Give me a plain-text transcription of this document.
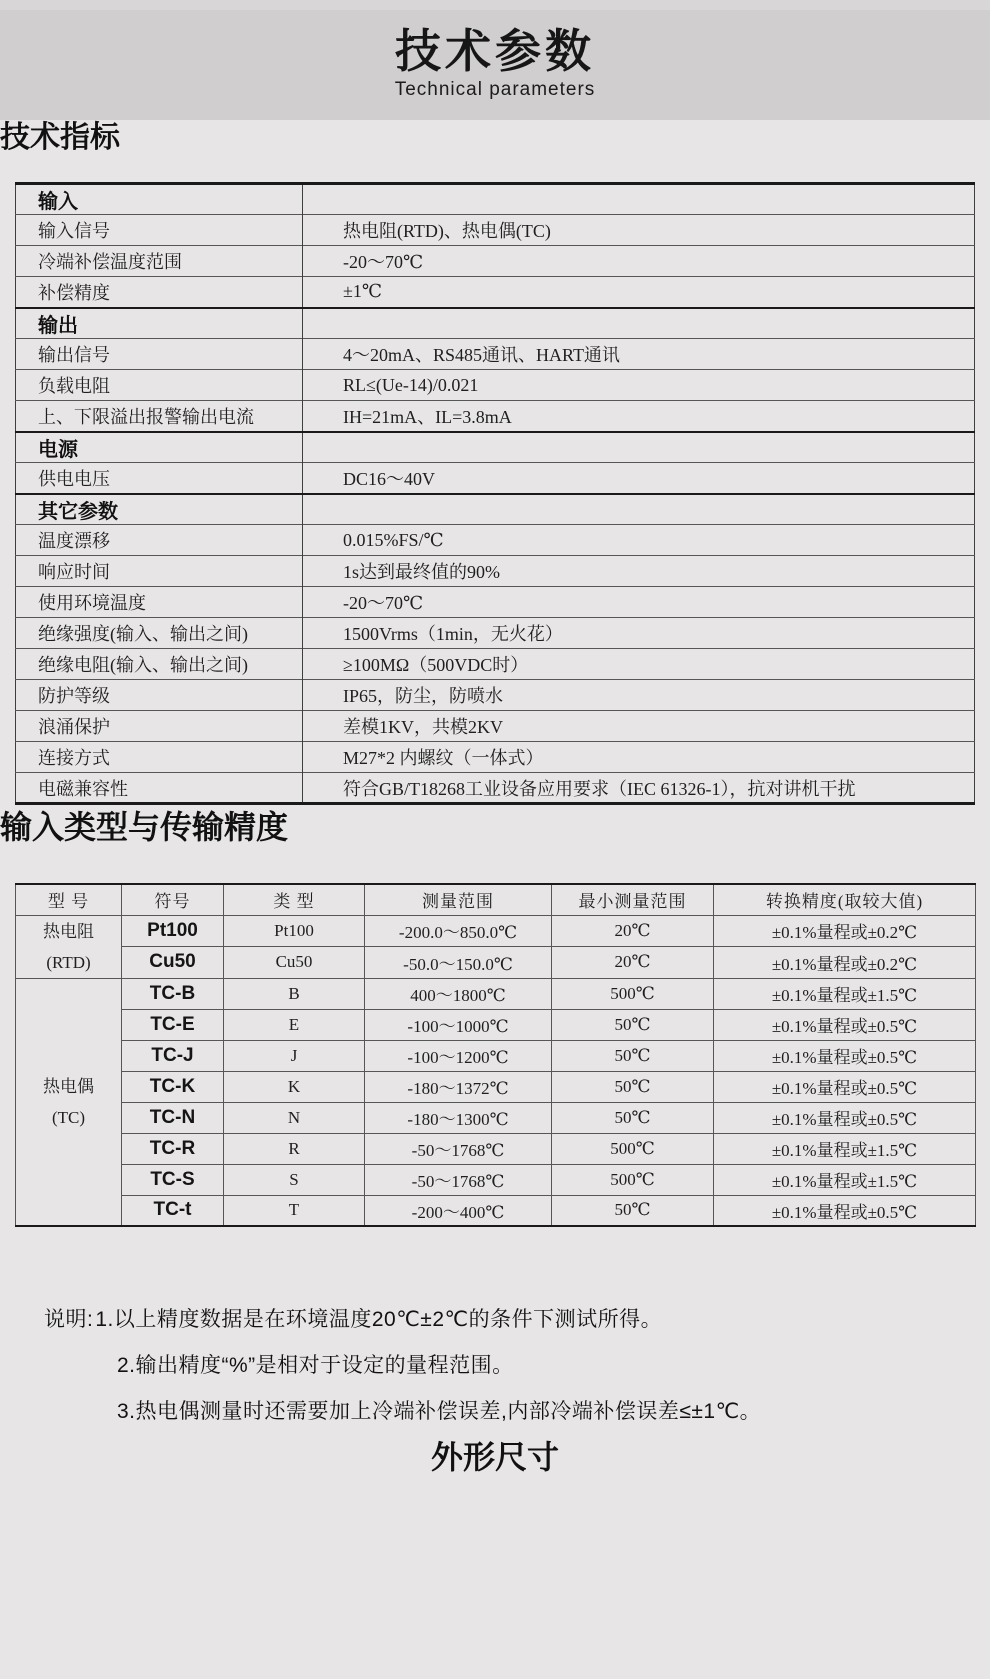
技术参数
Technical parameters
技术指标
输入	
输入信号	热电阻(RTD)、热电偶(TC)
冷端补偿温度范围	-20～70℃
补偿精度	±1℃
输出	
输出信号	4～20mA、RS485通讯、HART通讯
负载电阻	RL≤(Ue-14)/0.021
上、下限溢出报警输出电流	IH=21mA、IL=3.8mA
电源	
供电电压	DC16～40V
其它参数	
温度漂移	0.015%FS/℃
响应时间	1s达到最终值的90%
使用环境温度	-20～70℃
绝缘强度(输入、输出之间)	1500Vrms（1min，无火花）
绝缘电阻(输入、输出之间)	≥100MΩ（500VDC时）
防护等级	IP65，防尘，防喷水
浪涌保护	差模1KV，共模2KV
连接方式	M27*2 内螺纹（一体式）
电磁兼容性	符合GB/T18268工业设备应用要求（IEC 61326-1），抗对讲机干扰
输入类型与传输精度
型 号	符号	类 型	测量范围	最小测量范围	转换精度(取较大值)

热电阻
(RTD)	Pt100	Pt100	-200.0～850.0℃	20℃	±0.1%量程或±0.2℃
	Cu50	Cu50	-50.0～150.0℃	20℃	±0.1%量程或±0.2℃

热电偶
(TC)	TC-B	B	400～1800℃	500℃	±0.1%量程或±1.5℃
	TC-E	E	-100～1000℃	50℃	±0.1%量程或±0.5℃
	TC-J	J	-100～1200℃	50℃	±0.1%量程或±0.5℃
	TC-K	K	-180～1372℃	50℃	±0.1%量程或±0.5℃
	TC-N	N	-180～1300℃	50℃	±0.1%量程或±0.5℃
	TC-R	R	-50～1768℃	500℃	±0.1%量程或±1.5℃
	TC-S	S	-50～1768℃	500℃	±0.1%量程或±1.5℃
	TC-t	T	-200～400℃	50℃	±0.1%量程或±0.5℃
说明:1.以上精度数据是在环境温度20℃±2℃的条件下测试所得。
2.输出精度“%”是相对于设定的量程范围。
3.热电偶测量时还需要加上冷端补偿误差,内部冷端补偿误差≤±1℃。
外形尺寸
